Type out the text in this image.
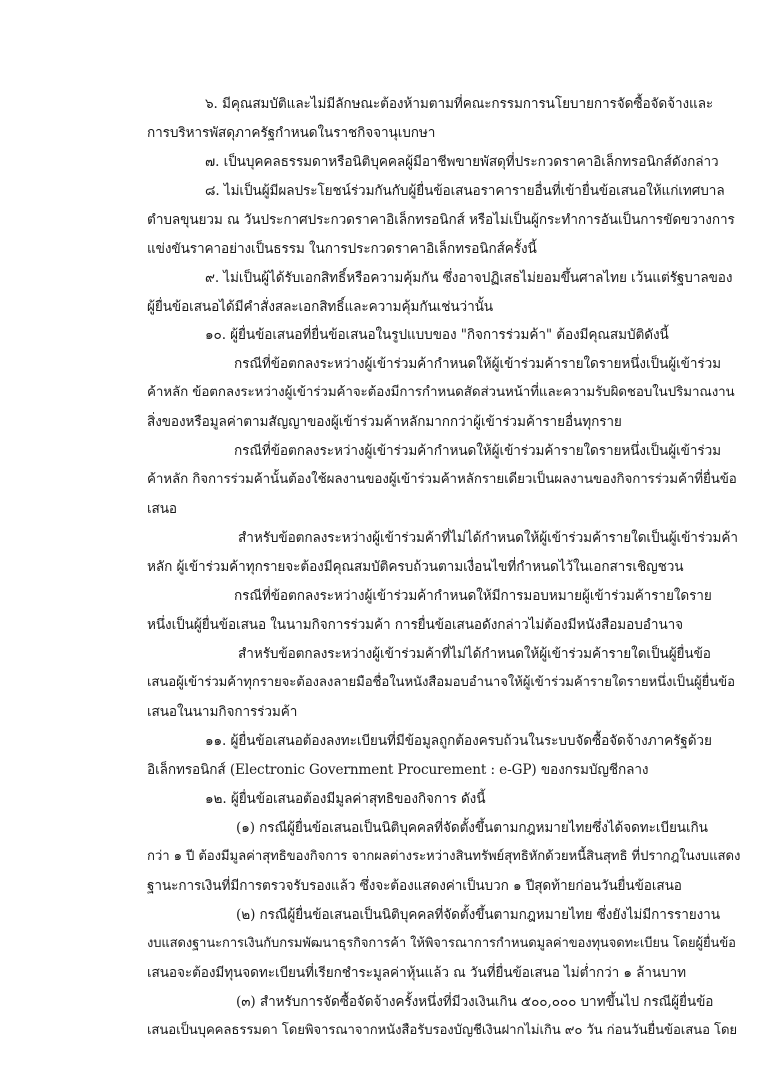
๖. มีคุณสมบัติและไม่มีลักษณะต้องห้ามตามที่คณะกรรมการนโยบายการจัดซื้อจัดจ้างและ
การบริหารพัสดุภาครัฐกำหนดในราชกิจจานุเบกษา
๗. เป็นบุคคลธรรมดาหรือนิติบุคคลผู้มีอาชีพขายพัสดุที่ประกวดราคาอิเล็กทรอนิกส์ดังกล่าว
๘. ไม่เป็นผู้มีผลประโยชน์ร่วมกันกับผู้ยื่นข้อเสนอราคารายอื่นที่เข้ายื่นข้อเสนอให้แก่เทศบาล
ตำบลขุนยวม ณ วันประกาศประกวดราคาอิเล็กทรอนิกส์ หรือไม่เป็นผู้กระทำการอันเป็นการขัดขวางการ
แข่งขันราคาอย่างเป็นธรรม ในการประกวดราคาอิเล็กทรอนิกส์ครั้งนี้
๙. ไม่เป็นผู้ได้รับเอกสิทธิ์หรือความคุ้มกัน ซึ่งอาจปฏิเสธไม่ยอมขึ้นศาลไทย เว้นแต่รัฐบาลของ
ผู้ยื่นข้อเสนอได้มีคำสั่งสละเอกสิทธิ์และความคุ้มกันเช่นว่านั้น
๑๐. ผู้ยื่นข้อเสนอที่ยื่นข้อเสนอในรูปแบบของ "กิจการร่วมค้า" ต้องมีคุณสมบัติดังนี้
กรณีที่ข้อตกลงระหว่างผู้เข้าร่วมค้ากำหนดให้ผู้เข้าร่วมค้ารายใดรายหนึ่งเป็นผู้เข้าร่วม
ค้าหลัก ข้อตกลงระหว่างผู้เข้าร่วมค้าจะต้องมีการกำหนดสัดส่วนหน้าที่และความรับผิดชอบในปริมาณงาน
สิ่งของหรือมูลค่าตามสัญญาของผู้เข้าร่วมค้าหลักมากกว่าผู้เข้าร่วมค้ารายอื่นทุกราย
กรณีที่ข้อตกลงระหว่างผู้เข้าร่วมค้ากำหนดให้ผู้เข้าร่วมค้ารายใดรายหนึ่งเป็นผู้เข้าร่วม
ค้าหลัก กิจการร่วมค้านั้นต้องใช้ผลงานของผู้เข้าร่วมค้าหลักรายเดียวเป็นผลงานของกิจการร่วมค้าที่ยื่นข้อ
เสนอ
สำหรับข้อตกลงระหว่างผู้เข้าร่วมค้าที่ไม่ได้กำหนดให้ผู้เข้าร่วมค้ารายใดเป็นผู้เข้าร่วมค้า
หลัก ผู้เข้าร่วมค้าทุกรายจะต้องมีคุณสมบัติครบถ้วนตามเงื่อนไขที่กำหนดไว้ในเอกสารเชิญชวน
กรณีที่ข้อตกลงระหว่างผู้เข้าร่วมค้ากำหนดให้มีการมอบหมายผู้เข้าร่วมค้ารายใดราย
หนึ่งเป็นผู้ยื่นข้อเสนอ ในนามกิจการร่วมค้า การยื่นข้อเสนอดังกล่าวไม่ต้องมีหนังสือมอบอำนาจ
สำหรับข้อตกลงระหว่างผู้เข้าร่วมค้าที่ไม่ได้กำหนดให้ผู้เข้าร่วมค้ารายใดเป็นผู้ยื่นข้อ
เสนอผู้เข้าร่วมค้าทุกรายจะต้องลงลายมือชื่อในหนังสือมอบอำนาจให้ผู้เข้าร่วมค้ารายใดรายหนึ่งเป็นผู้ยื่นข้อ
เสนอในนามกิจการร่วมค้า
๑๑. ผู้ยื่นข้อเสนอต้องลงทะเบียนที่มีข้อมูลถูกต้องครบถ้วนในระบบจัดซื้อจัดจ้างภาครัฐด้วย
อิเล็กทรอนิกส์ (Electronic Government Procurement : e-GP) ของกรมบัญชีกลาง
๑๒. ผู้ยื่นข้อเสนอต้องมีมูลค่าสุทธิของกิจการ ดังนี้
(๑) กรณีผู้ยื่นข้อเสนอเป็นนิติบุคคลที่จัดตั้งขึ้นตามกฎหมายไทยซึ่งได้จดทะเบียนเกิน
กว่า ๑ ปี ต้องมีมูลค่าสุทธิของกิจการ จากผลต่างระหว่างสินทรัพย์สุทธิหักด้วยหนี้สินสุทธิ ที่ปรากฎในงบแสดง
ฐานะการเงินที่มีการตรวจรับรองแล้ว ซึ่งจะต้องแสดงค่าเป็นบวก ๑ ปีสุดท้ายก่อนวันยื่นข้อเสนอ
(๒) กรณีผู้ยื่นข้อเสนอเป็นนิติบุคคลที่จัดตั้งขึ้นตามกฎหมายไทย ซึ่งยังไม่มีการรายงาน
งบแสดงฐานะการเงินกับกรมพัฒนาธุรกิจการค้า ให้พิจารณาการกำหนดมูลค่าของทุนจดทะเบียน โดยผู้ยื่นข้อ
เสนอจะต้องมีทุนจดทะเบียนที่เรียกชำระมูลค่าหุ้นแล้ว ณ วันที่ยื่นข้อเสนอ ไม่ต่ำกว่า ๑ ล้านบาท
(๓) สำหรับการจัดซื้อจัดจ้างครั้งหนึ่งที่มีวงเงินเกิน ๕๐๐,๐๐๐ บาทขึ้นไป กรณีผู้ยื่นข้อ
เสนอเป็นบุคคลธรรมดา โดยพิจารณาจากหนังสือรับรองบัญชีเงินฝากไม่เกิน ๙๐ วัน ก่อนวันยื่นข้อเสนอ โดย
